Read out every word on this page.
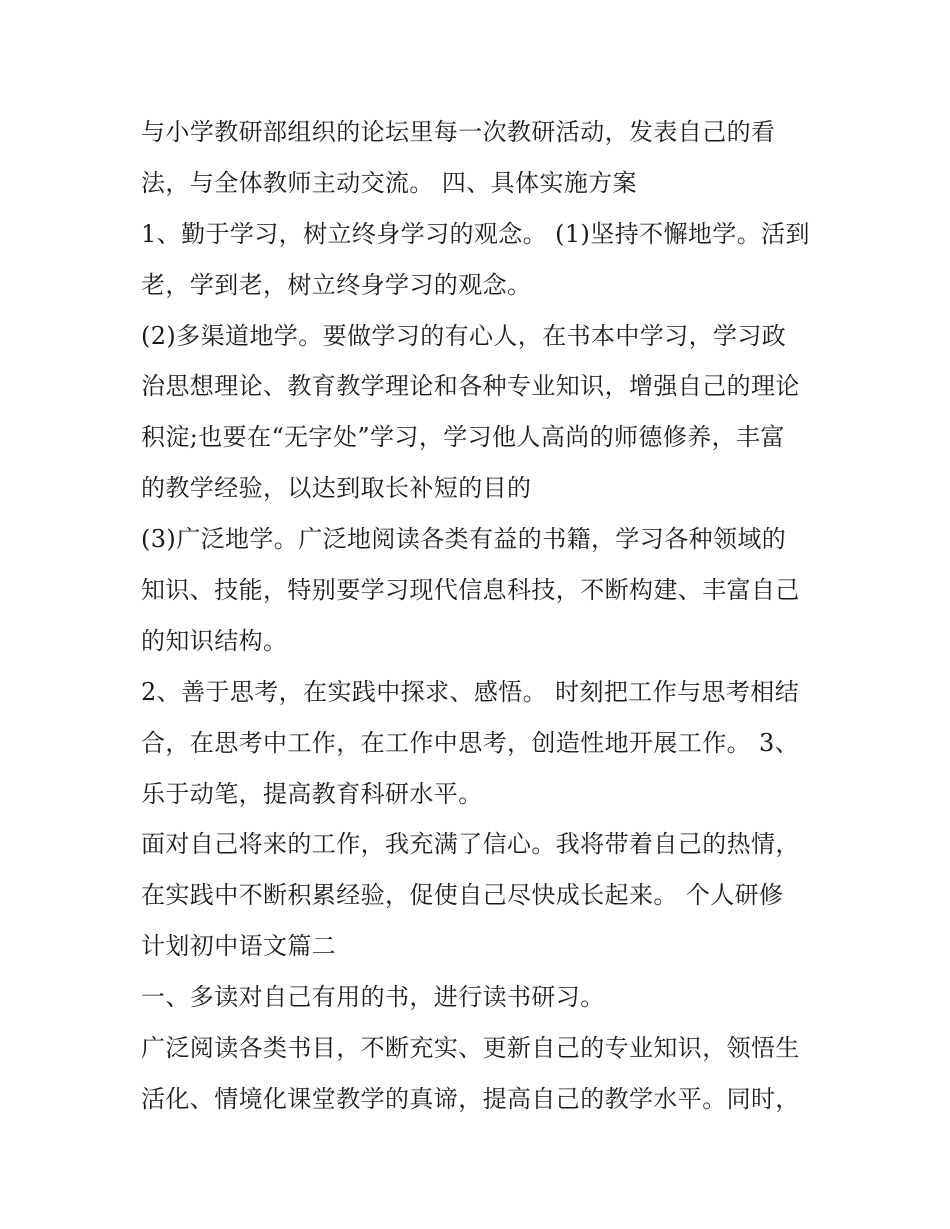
与小学教研部组织的论坛里每一次教研活动，发表自己的看
法，与全体教师主动交流。 四、具体实施方案
1、勤于学习，树立终身学习的观念。 (1)坚持不懈地学。活到
老，学到老，树立终身学习的观念。
(2)多渠道地学。要做学习的有心人，在书本中学习，学习政
治思想理论、教育教学理论和各种专业知识，增强自己的理论
积淀;也要在“无字处”学习，学习他人高尚的师德修养，丰富
的教学经验，以达到取长补短的目的
(3)广泛地学。广泛地阅读各类有益的书籍，学习各种领域的
知识、技能，特别要学习现代信息科技，不断构建、丰富自己
的知识结构。
2、善于思考，在实践中探求、感悟。 时刻把工作与思考相结
合，在思考中工作，在工作中思考，创造性地开展工作。 3、
乐于动笔，提高教育科研水平。
面对自己将来的工作，我充满了信心。我将带着自己的热情，
在实践中不断积累经验，促使自己尽快成长起来。 个人研修
计划初中语文篇二
一、多读对自己有用的书，进行读书研习。
广泛阅读各类书目，不断充实、更新自己的专业知识，领悟生
活化、情境化课堂教学的真谛，提高自己的教学水平。同时，
